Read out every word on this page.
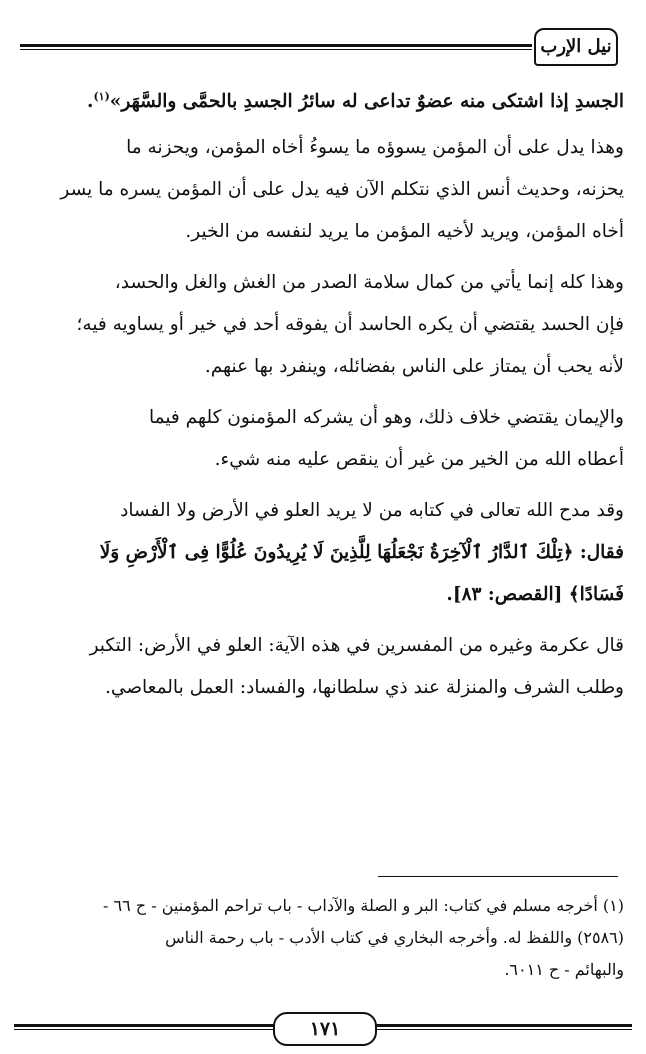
نيل الإرب
الجسدِ إذا اشتكى منه عضوٌ تداعى له سائرُ الجسدِ بالحمَّى والسَّهَر»$^{(١)}$.
وهذا يدل على أن المؤمن يسوؤه ما يسوءُ أخاه المؤمن، ويحزنه ما
يحزنه، وحديث أنس الذي نتكلم الآن فيه يدل على أن المؤمن يسره ما يسر
أخاه المؤمن، ويريد لأخيه المؤمن ما يريد لنفسه من الخير.
وهذا كله إنما يأتي من كمال سلامة الصدر من الغش والغل والحسد،
فإن الحسد يقتضي أن يكره الحاسد أن يفوقه أحد في خير أو يساويه فيه؛
لأنه يحب أن يمتاز على الناس بفضائله، وينفرد بها عنهم.
والإيمان يقتضي خلاف ذلك، وهو أن يشركه المؤمنون كلهم فيما
أعطاه الله من الخير من غير أن ينقص عليه منه شيء.
وقد مدح الله تعالى في كتابه من لا يريد العلو في الأرض ولا الفساد
فقال: ﴿تِلْكَ ٱلدَّارُ ٱلْآخِرَةُ نَجْعَلُهَا لِلَّذِينَ لَا يُرِيدُونَ عُلُوًّا فِى ٱلْأَرْضِ وَلَا
فَسَادًا﴾ [القصص: ٨٣].
قال عكرمة وغيره من المفسرين في هذه الآية: العلو في الأرض: التكبر
وطلب الشرف والمنزلة عند ذي سلطانها، والفساد: العمل بالمعاصي.
(١) أخرجه مسلم في كتاب: البر و الصلة والآداب - باب تراحم المؤمنين - ح ٦٦ -
(٢٥٨٦) واللفظ له. وأخرجه البخاري في كتاب الأدب - باب رحمة الناس
والبهائم - ح ٦٠١١.
١٧١
